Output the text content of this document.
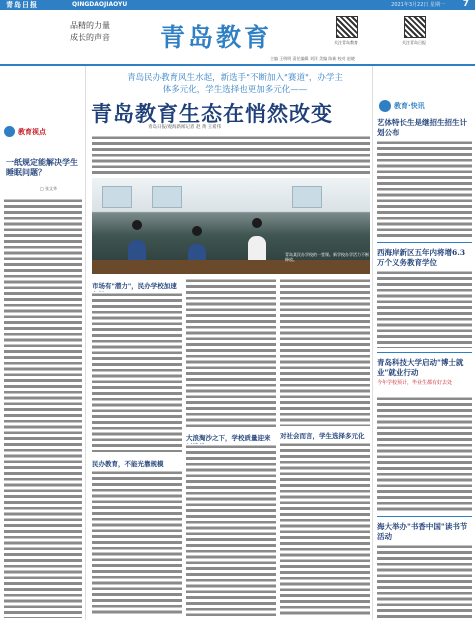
青岛日报	QINGDAOJIAOYU	2021年3月22日 星期一 7
品精的力量
成长的声音 青岛教育	关注青岛教育	关注青岛日报
主编 王明明 责任编辑 刘洋 美编 陈新 校对 赵晓
教育视点
一纸规定能解决学生睡眠问题？
□ 张文华
青岛民办教育风生水起，新选手"不断加入"赛道"，办学主
体多元化，学生选择也更加多元化——
青岛教育生态在悄然改变
青岛日报/观海新闻记者 赵 黄 王希伟
青岛某民办学校的一堂课。新学校办学活力不断释放。
市场有"潜力"，民办学校加速
民办教育，不能光靠规模
大浪淘沙之下，学校质量迎来	对社会而言，学生选择多元化
教育·快讯
艺体特长生是继招生招生计划公布
西海岸新区五年内将增6.3万个义务教育学位
青岛科技大学启动"博士就业"就业行动
今年学校预计，毕业生都有好去处
海大举办"书香中国"读书节活动
